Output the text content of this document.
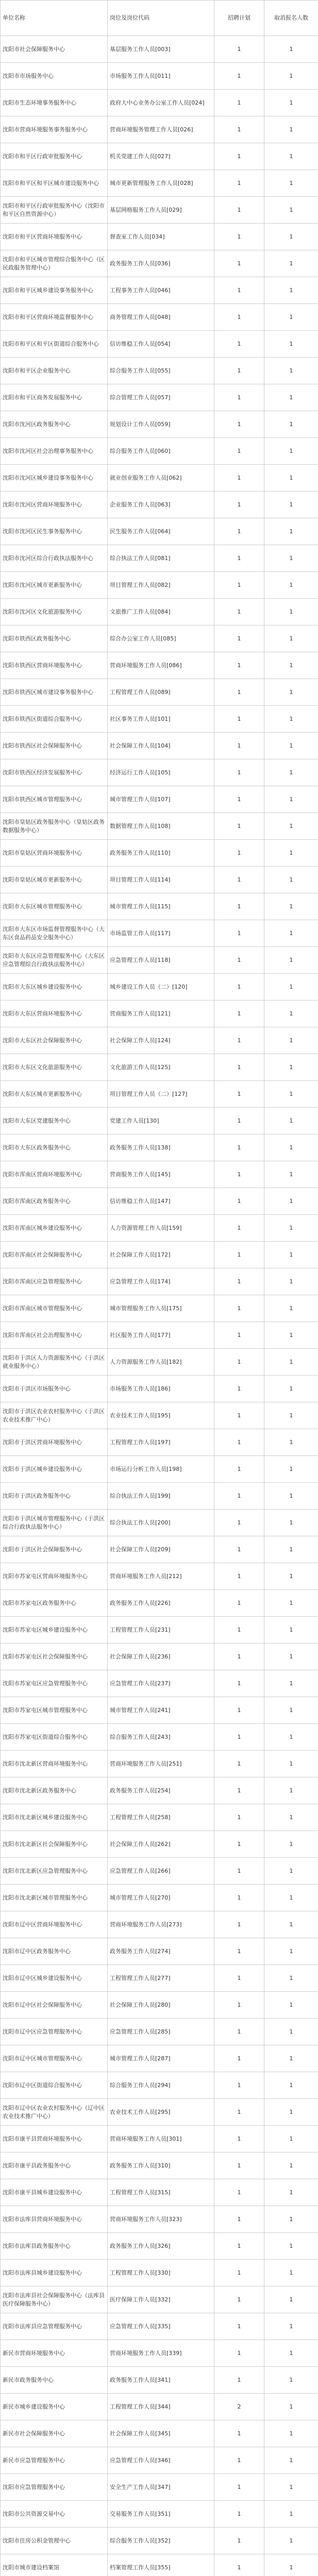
单位名称	岗位及岗位代码	招聘计划	取消报名人数
沈阳市社会保障服务中心	基层服务工作人员[003]	1	1
沈阳市市场服务中心	市场服务工作人员[011]	1	1
沈阳市生态环境事务服务中心	政府大中心业务办公室工作人员[024]	1	1
沈阳市营商环境服务事务服务中心	营商环境服务管理工作人员[026]	1	1
沈阳市和平区行政审批服务中心	机关党建工作人员[027]	1	1
沈阳市和平区和平区城市建设服务中心	城市更新管理服务工作人员[028]	1	1
沈阳市和平区行政审批服务中心（沈阳市和平区自然资源中心）	基层网格服务工作人员[029]	1	1
沈阳市和平区营商环境服务中心	督查室工作人员[034]	1	1
沈阳市和平区城市管理综合服务中心（区民政服务管理中心）	政务服务工作人员[036]	1	1
沈阳市和平区城乡建设事务服务中心	工程事务工作人员[046]	1	1
沈阳市和平区营商环境监督服务中心	商务管理工作人员[048]	1	1
沈阳市和平区和平区街道综合服务中心	信访维稳工作人员[054]	1	1
沈阳市和平区企业服务中心	综合服务工作人员[055]	1	1
沈阳市和平区商务发展服务中心	综合管理工作人员[057]	1	1
沈阳市沈河区政务服务中心	规划设计工作人员[059]	1	1
沈阳市沈河区社会治理事务服务中心	综合服务工作人员[060]	1	1
沈阳市沈河区城乡建设事务服务中心	就业创业服务工作人员[062]	1	1
沈阳市沈河区营商环境服务中心	企业服务工作人员[063]	1	1
沈阳市沈河区民生事务服务中心	民生服务工作人员[064]	1	1
沈阳市沈河区综合行政执法服务中心	综合执法工作人员[081]	1	1
沈阳市沈河区城市更新服务中心	项目管理工作人员[082]	1	1
沈阳市沈河区文化旅游服务中心	文旅推广工作人员[084]	1	1
沈阳市铁西区政务服务中心	综合办公室工作人员[085]	1	1
沈阳市铁西区营商环境服务中心	营商环境服务工作人员[086]	1	1
沈阳市铁西区城市建设事务服务中心	工程管理工作人员[089]	1	1
沈阳市铁西区街道综合服务中心	社区事务工作人员[101]	1	1
沈阳市铁西区社会保障服务中心	社会保障工作人员[104]	1	1
沈阳市铁西区经济发展服务中心	经济运行工作人员[105]	1	1
沈阳市铁西区城市管理服务中心	城市管理工作人员[107]	1	1
沈阳市皇姑区政务服务中心（皇姑区政务数据服务中心）	数据管理工作人员[108]	1	1
沈阳市皇姑区营商环境服务中心	政务服务工作人员[110]	1	1
沈阳市皇姑区城市更新服务中心	项目管理工作人员[114]	1	1
沈阳市大东区城市管理服务中心	城市管理工作人员[115]	1	1
沈阳市大东区市场监督管理服务中心（大东区食品药品安全服务中心）	市场监管工作人员[117]	1	1
沈阳市大东区应急管理服务中心（大东区应急管理综合行政执法服务中心）	应急管理工作人员[118]	1	1
沈阳市大东区城乡建设服务中心	城乡建设工作人员（二）[120]	1	1
沈阳市大东区营商环境服务中心	营商服务工作人员[121]	1	1
沈阳市大东区社会保障服务中心	社会保障工作人员[124]	1	1
沈阳市大东区文化旅游服务中心	文化旅游工作人员[125]	1	1
沈阳市大东区城市更新服务中心	项目管理工作人员（二）[127]	1	1
沈阳市大东区党建服务中心	党建工作人员[130]	1	1
沈阳市大东区政务服务中心	政务服务工作人员[138]	1	1
沈阳市浑南区营商环境服务中心	营商服务工作人员[145]	1	1
沈阳市浑南区政务服务中心	信访维稳工作人员[147]	1	1
沈阳市浑南区城乡建设服务中心	人力资源管理工作人员[159]	1	1
沈阳市浑南区社会保障服务中心	社会保障工作人员[172]	1	1
沈阳市浑南区应急管理服务中心	应急管理工作人员[174]	1	1
沈阳市浑南区城市管理服务中心	城市管理服务工作人员[175]	1	1
沈阳市浑南区社会治理服务中心	社区服务工作人员[177]	1	1
沈阳市于洪区人力资源服务中心（于洪区就业服务中心）	人力资源服务工作人员[182]	1	1
沈阳市于洪区市场服务中心	市场服务工作人员[186]	1	1
沈阳市于洪区农业农村服务中心（于洪区农业技术推广中心）	农业技术工作人员[195]	1	1
沈阳市于洪区营商环境服务中心	工程管理工作人员[197]	1	1
沈阳市于洪区城乡建设服务中心	市场运行分析工作人员[198]	1	1
沈阳市于洪区政务服务中心	综合执法工作人员[199]	1	1
沈阳市于洪区城市管理服务中心（于洪区综合行政执法服务中心）	综合执法工作人员[200]	1	1
沈阳市于洪区社会保障服务中心	社会保障工作人员[209]	1	1
沈阳市苏家屯区营商环境服务中心	营商环境服务工作人员[212]	1	1
沈阳市苏家屯区政务服务中心	政务服务工作人员[226]	1	1
沈阳市苏家屯区城乡建设服务中心	工程管理工作人员[231]	1	1
沈阳市苏家屯区社会保障服务中心	社会保障工作人员[236]	1	1
沈阳市苏家屯区应急管理服务中心	应急管理工作人员[237]	1	1
沈阳市苏家屯区城市管理服务中心	城市管理工作人员[241]	1	1
沈阳市苏家屯区街道综合服务中心	综合服务工作人员[243]	1	1
沈阳市沈北新区营商环境服务中心	营商环境服务工作人员[251]	1	1
沈阳市沈北新区政务服务中心	政务服务工作人员[254]	1	1
沈阳市沈北新区城乡建设服务中心	工程管理工作人员[258]	1	1
沈阳市沈北新区社会保障服务中心	社会保障工作人员[262]	1	1
沈阳市沈北新区应急管理服务中心	应急管理工作人员[266]	1	1
沈阳市沈北新区城市管理服务中心	城市管理工作人员[270]	1	1
沈阳市辽中区营商环境服务中心	营商环境服务工作人员[273]	1	1
沈阳市辽中区政务服务中心	政务服务工作人员[274]	1	1
沈阳市辽中区城乡建设服务中心	工程管理工作人员[277]	1	1
沈阳市辽中区社会保障服务中心	社会保障工作人员[280]	1	1
沈阳市辽中区应急管理服务中心	应急管理工作人员[285]	1	1
沈阳市辽中区城市管理服务中心	城市管理工作人员[287]	1	1
沈阳市辽中区街道综合服务中心	综合服务工作人员[294]	1	1
沈阳市辽中区农业农村服务中心（辽中区农业技术推广中心）	农业技术工作人员[295]	1	1
沈阳市康平县营商环境服务中心	营商环境服务工作人员[301]	1	1
沈阳市康平县政务服务中心	政务服务工作人员[310]	1	1
沈阳市康平县城乡建设服务中心	工程管理工作人员[315]	1	1
沈阳市法库县营商环境服务中心	营商环境服务工作人员[323]	1	1
沈阳市法库县政务服务中心	政务服务工作人员[326]	1	1
沈阳市法库县城乡建设服务中心	工程管理工作人员[330]	1	1
沈阳市法库县社会保障服务中心（法库县医疗保障服务中心）	医疗保障工作人员[332]	1	1
沈阳市法库县应急管理服务中心	应急管理工作人员[335]	1	1
新民市营商环境服务中心	营商环境服务工作人员[339]	1	1
新民市政务服务中心	政务服务工作人员[341]	1	1
新民市城乡建设服务中心	工程管理工作人员[344]	2	1
新民市社会保障服务中心	社会保障工作人员[345]	1	1
新民市应急管理服务中心	应急管理工作人员[346]	1	1
沈阳市应急管理服务中心	安全生产工作人员[347]	1	1
沈阳市公共资源交易中心	交易服务工作人员[351]	1	1
沈阳市住房公积金管理中心	综合服务工作人员[352]	1	1
沈阳市城市建设档案馆	档案管理工作人员[355]	1	1
